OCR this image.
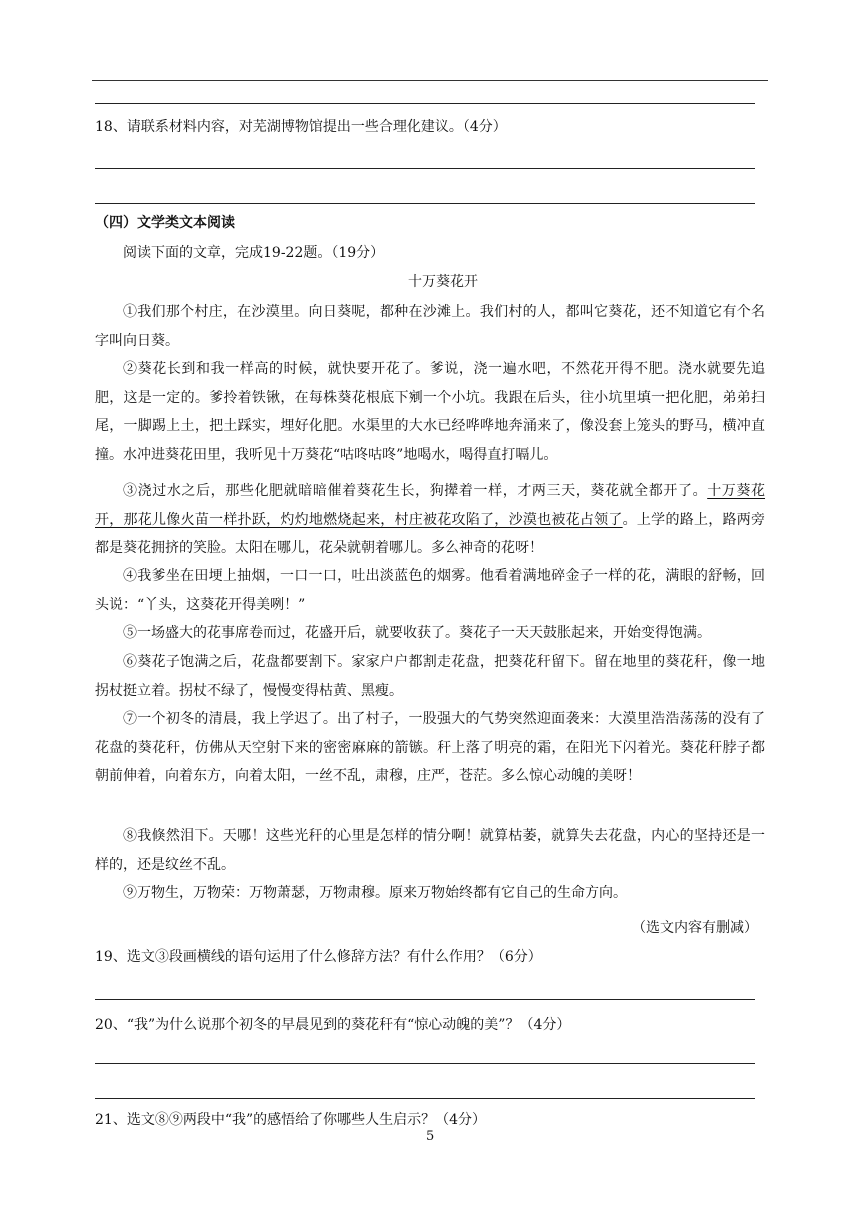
18、请联系材料内容，对芜湖博物馆提出一些合理化建议。（4分）
（四）文学类文本阅读
阅读下面的文章，完成19-22题。（19分）
十万葵花开
①我们那个村庄，在沙漠里。向日葵呢，都种在沙滩上。我们村的人，都叫它葵花，还不知道它有个名字叫向日葵。
②葵花长到和我一样高的时候，就快要开花了。爹说，浇一遍水吧，不然花开得不肥。浇水就要先追肥，这是一定的。爹拎着铁锹，在每株葵花根底下剜一个小坑。我跟在后头，往小坑里填一把化肥，弟弟扫尾，一脚踢上土，把土踩实，埋好化肥。水渠里的大水已经哗哗地奔涌来了，像没套上笼头的野马，横冲直撞。水冲进葵花田里，我听见十万葵花“咕咚咕咚”地喝水，喝得直打嗝儿。
③浇过水之后，那些化肥就暗暗催着葵花生长，狗撵着一样，才两三天，葵花就全都开了。十万葵花开，那花儿像火苗一样扑跃，灼灼地燃烧起来，村庄被花攻陷了，沙漠也被花占领了。上学的路上，路两旁都是葵花拥挤的笑脸。太阳在哪儿，花朵就朝着哪儿。多么神奇的花呀！
④我爹坐在田埂上抽烟，一口一口，吐出淡蓝色的烟雾。他看着满地碎金子一样的花，满眼的舒畅，回头说：“丫头，这葵花开得美咧！”
⑤一场盛大的花事席卷而过，花盛开后，就要收获了。葵花子一天天鼓胀起来，开始变得饱满。
⑥葵花子饱满之后，花盘都要割下。家家户户都割走花盘，把葵花秆留下。留在地里的葵花秆，像一地拐杖挺立着。拐杖不绿了，慢慢变得枯黄、黑瘦。
⑦一个初冬的清晨，我上学迟了。出了村子，一股强大的气势突然迎面袭来：大漠里浩浩荡荡的没有了花盘的葵花秆，仿佛从天空射下来的密密麻麻的箭镞。秆上落了明亮的霜，在阳光下闪着光。葵花秆脖子都朝前伸着，向着东方，向着太阳，一丝不乱，肃穆，庄严，苍茫。多么惊心动魄的美呀！
⑧我倏然泪下。天哪！这些光秆的心里是怎样的情分啊！就算枯萎，就算失去花盘，内心的坚持还是一样的，还是纹丝不乱。
⑨万物生，万物荣：万物萧瑟，万物肃穆。原来万物始终都有它自己的生命方向。
（选文内容有删减）
19、选文③段画横线的语句运用了什么修辞方法？有什么作用？（6分）
20、“我”为什么说那个初冬的早晨见到的葵花秆有“惊心动魄的美”？（4分）
21、选文⑧⑨两段中“我”的感悟给了你哪些人生启示？（4分）
5
